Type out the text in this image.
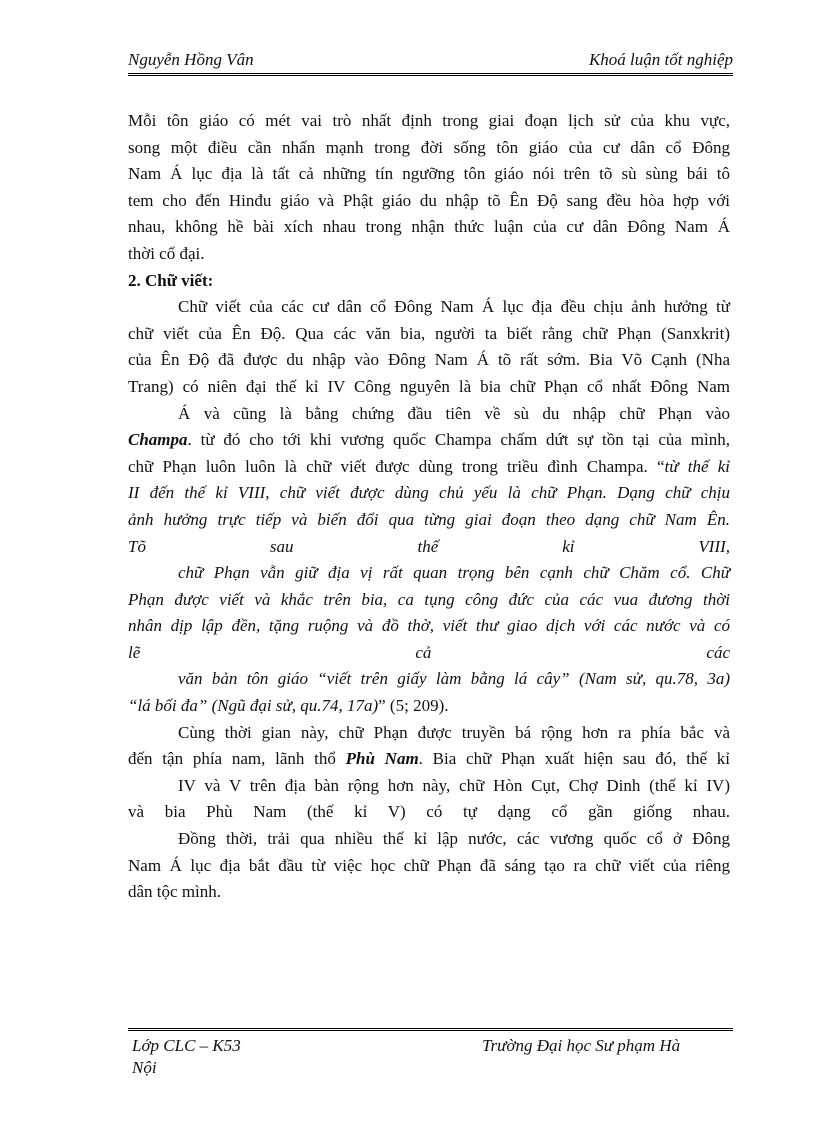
Nguyễn Hồng Vân	Khoá luận tốt nghiệp

Mỗi tôn giáo có mét vai trò nhất định trong giai đoạn lịch sử của khu vực,
song một điều cần nhấn mạnh trong đời sống tôn giáo của cư dân cổ Đông
Nam Á lục địa là tất cả những tín ngưỡng tôn giáo nói trên tõ sù sùng bái tô
tem cho đến Hinđu giáo và Phật giáo du nhập tõ Ên Độ sang đều hòa hợp với
nhau, không hề bài xích nhau trong nhận thức luận của cư dân Đông Nam Á
thời cổ đại.

2. Chữ viết:

Chữ viết của các cư dân cổ Đông Nam Á lục địa đều chịu ảnh hưởng từ
chữ viết của Ên Độ. Qua các văn bia, người ta biết rằng chữ Phạn (Sanxkrit)
của Ên Độ đã được du nhập vào Đông Nam Á tõ rất sớm. Bia Võ Cạnh (Nha
Trang) có niên đại thế kỉ IV Công nguyên là bia chữ Phạn cổ nhất Đông Nam

Á và cũng là bằng chứng đầu tiên về sù du nhập chữ Phạn vào
Champa. từ đó cho tới khi vương quốc Champa chấm dứt sự tồn tại của mình,
chữ Phạn luôn luôn là chữ viết được dùng trong triều đình Champa. “từ thế kỉ
II đến thế kỉ VIII, chữ viết được dùng chủ yếu là chữ Phạn. Dạng chữ chịu
ảnh hưởng trực tiếp và biến đổi qua từng giai đoạn theo dạng chữ Nam Ên.
Tõ	sau	thế	kỉ	VIII,
chữ Phạn vẫn giữ địa vị rất quan trọng bên cạnh chữ Chăm cổ. Chữ
Phạn được viết và khắc trên bia, ca tụng công đức của các vua đương thời
nhân dịp lập đền, tặng ruộng và đồ thờ, viết thư giao dịch với các nước và có
lẽ	cả	các
văn bản tôn giáo “viết trên giấy làm bằng lá cây” (Nam sử, qu.78, 3a)
“lá bối đa” (Ngũ đại sử, qu.74, 17a)” (5; 209).

Cùng thời gian này, chữ Phạn được truyền bá rộng hơn ra phía bắc và
đến tận phía nam, lãnh thổ Phù Nam. Bia chữ Phạn xuất hiện sau đó, thế kỉ
IV và V trên địa bàn rộng hơn này, chữ Hòn Cụt, Chợ Dinh (thế kỉ IV)
và bia Phù Nam (thế kỉ V) có tự dạng cổ gần giống nhau.

Đồng thời, trải qua nhiều thế kỉ lập nước, các vương quốc cổ ở Đông
Nam Á lục địa bắt đầu từ việc học chữ Phạn đã sáng tạo ra chữ viết của riêng
dân tộc mình.

Lớp CLC – K53	Trường Đại học Sư phạm Hà
Nội
